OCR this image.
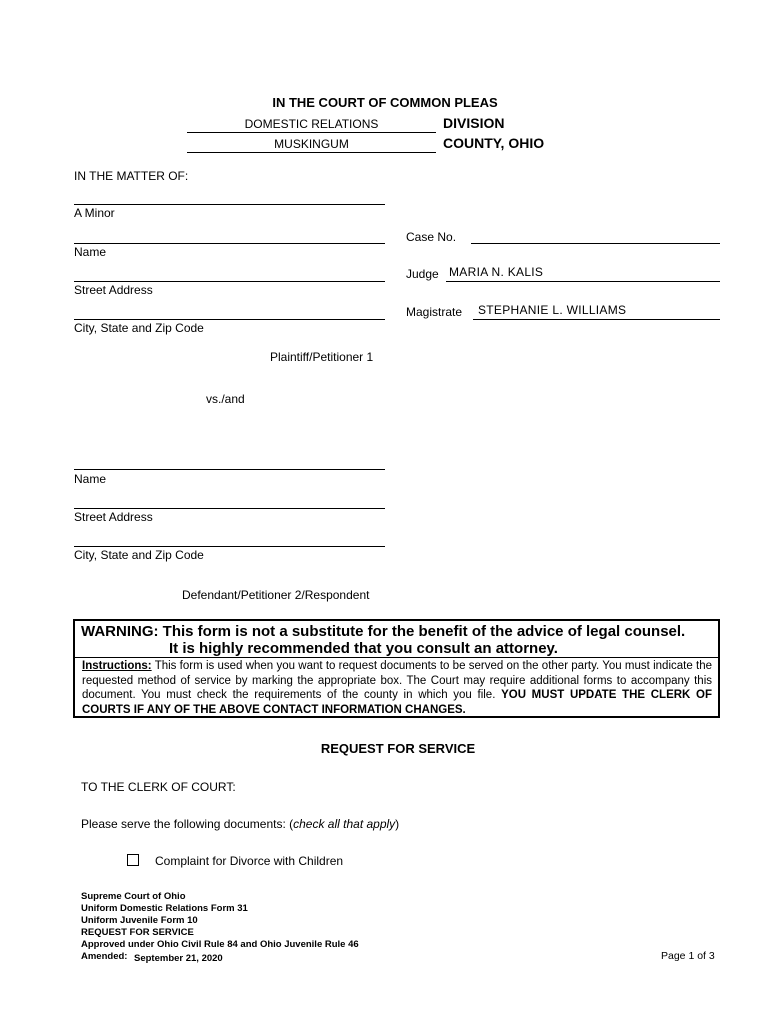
IN THE COURT OF COMMON PLEAS
DOMESTIC RELATIONS	DIVISION
MUSKINGUM	COUNTY, OHIO
IN THE MATTER OF:
A Minor
Name
Street Address
City, State and Zip Code
Plaintiff/Petitioner 1
Case No.
Judge MARIA N. KALIS
Magistrate STEPHANIE L. WILLIAMS
vs./and
Name
Street Address
City, State and Zip Code
Defendant/Petitioner 2/Respondent
WARNING: This form is not a substitute for the benefit of the advice of legal counsel.
It is highly recommended that you consult an attorney.
Instructions: This form is used when you want to request documents to be served on the other party. You must indicate the requested method of service by marking the appropriate box. The Court may require additional forms to accompany this document. You must check the requirements of the county in which you file. YOU MUST UPDATE THE CLERK OF COURTS IF ANY OF THE ABOVE CONTACT INFORMATION CHANGES.
REQUEST FOR SERVICE
TO THE CLERK OF COURT:
Please serve the following documents: (check all that apply)
Complaint for Divorce with Children
Supreme Court of Ohio
Uniform Domestic Relations Form 31
Uniform Juvenile Form 10
REQUEST FOR SERVICE
Approved under Ohio Civil Rule 84 and Ohio Juvenile Rule 46
Amended: September 21, 2020	Page 1 of 3
